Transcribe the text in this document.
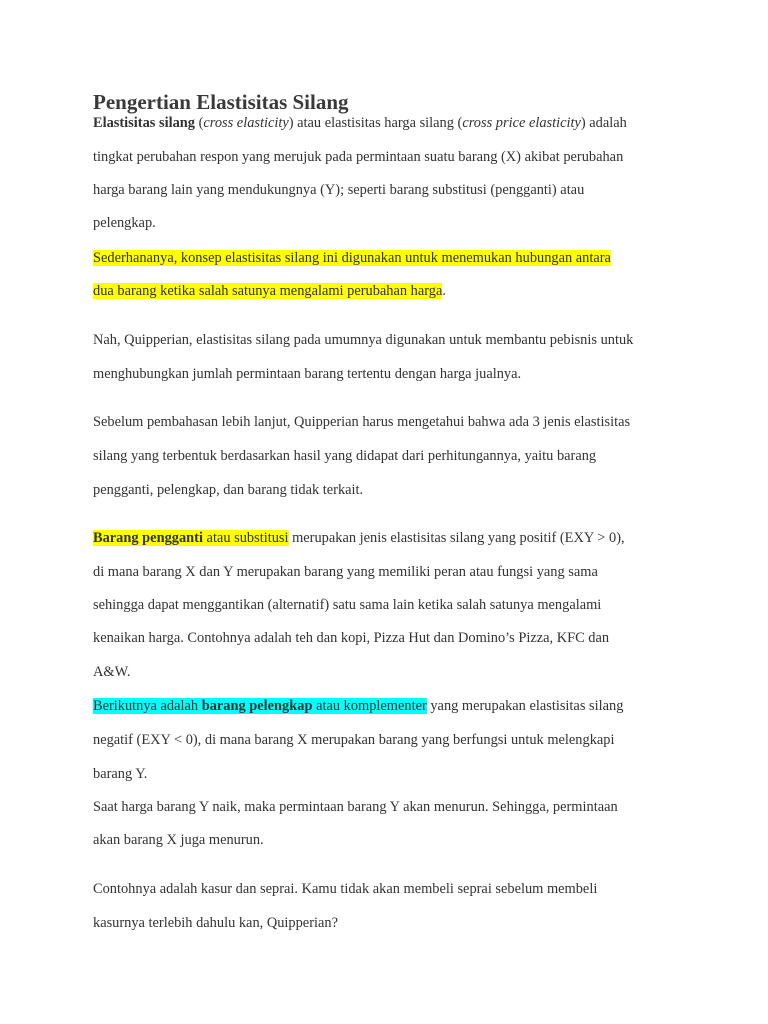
Pengertian Elastisitas Silang
Elastisitas silang (cross elasticity) atau elastisitas harga silang (cross price elasticity) adalah
tingkat perubahan respon yang merujuk pada permintaan suatu barang (X) akibat perubahan
harga barang lain yang mendukungnya (Y); seperti barang substitusi (pengganti) atau
pelengkap.
Sederhananya, konsep elastisitas silang ini digunakan untuk menemukan hubungan antara
dua barang ketika salah satunya mengalami perubahan harga.
Nah, Quipperian, elastisitas silang pada umumnya digunakan untuk membantu pebisnis untuk
menghubungkan jumlah permintaan barang tertentu dengan harga jualnya.
Sebelum pembahasan lebih lanjut, Quipperian harus mengetahui bahwa ada 3 jenis elastisitas
silang yang terbentuk berdasarkan hasil yang didapat dari perhitungannya, yaitu barang
pengganti, pelengkap, dan barang tidak terkait.
Barang pengganti atau substitusi merupakan jenis elastisitas silang yang positif (EXY > 0),
di mana barang X dan Y merupakan barang yang memiliki peran atau fungsi yang sama
sehingga dapat menggantikan (alternatif) satu sama lain ketika salah satunya mengalami
kenaikan harga. Contohnya adalah teh dan kopi, Pizza Hut dan Domino’s Pizza, KFC dan
A&W.
Berikutnya adalah barang pelengkap atau komplementer yang merupakan elastisitas silang
negatif (EXY < 0), di mana barang X merupakan barang yang berfungsi untuk melengkapi
barang Y.
Saat harga barang Y naik, maka permintaan barang Y akan menurun. Sehingga, permintaan
akan barang X juga menurun.
Contohnya adalah kasur dan seprai. Kamu tidak akan membeli seprai sebelum membeli
kasurnya terlebih dahulu kan, Quipperian?
